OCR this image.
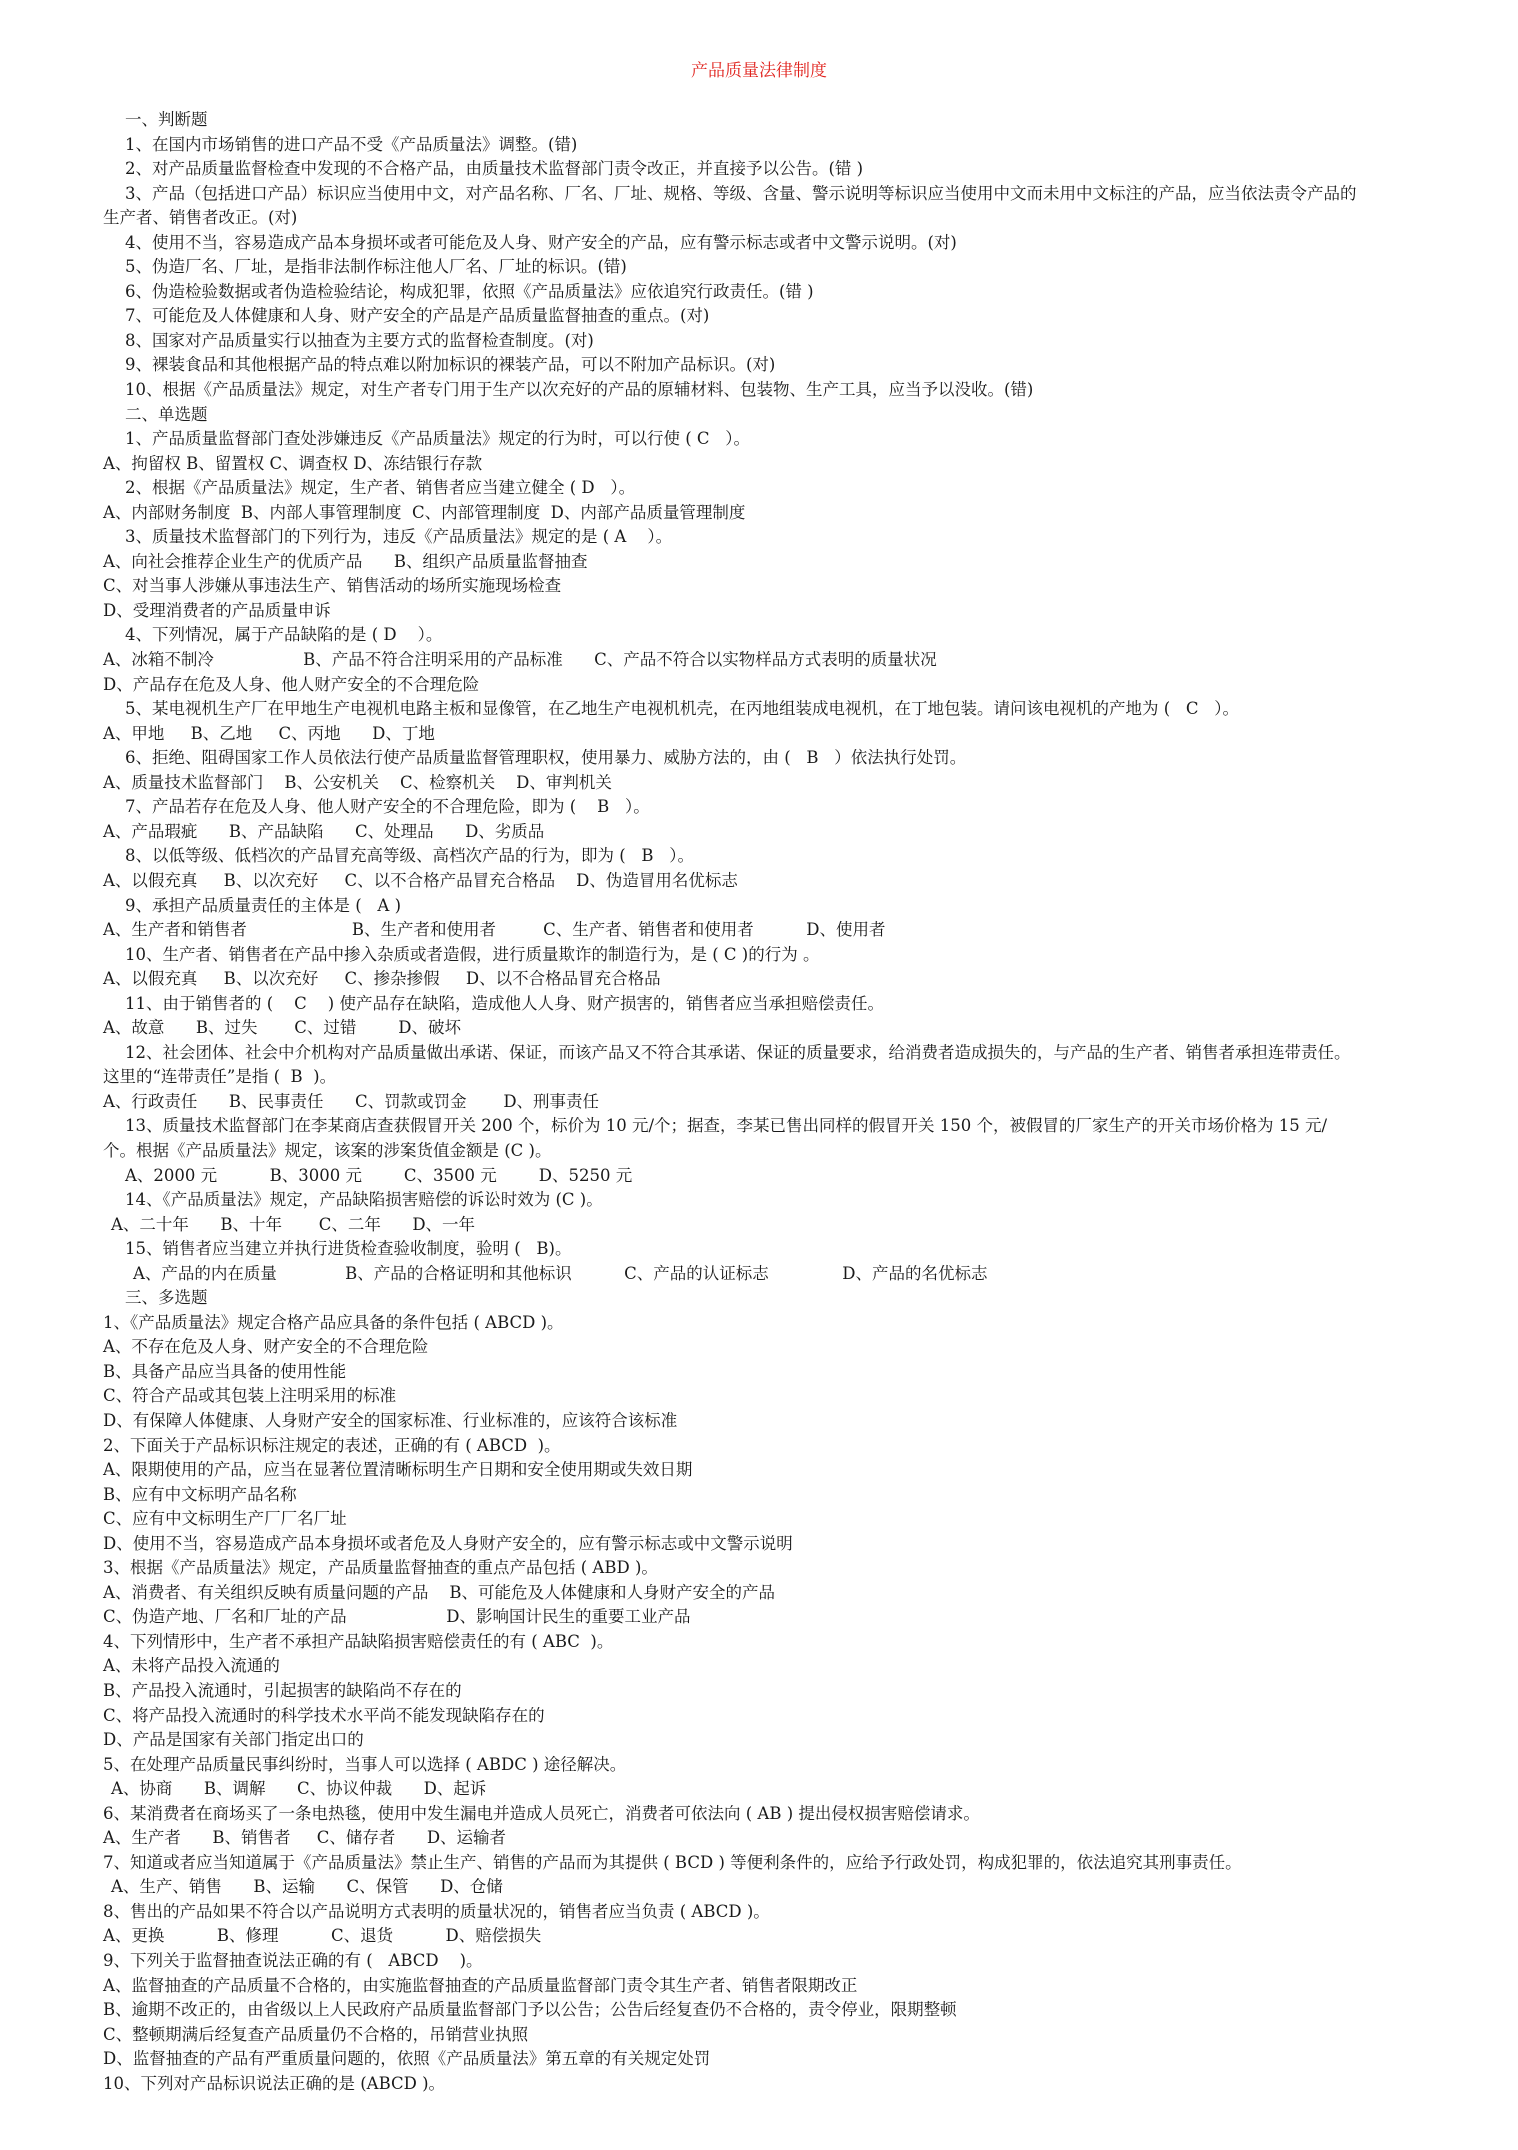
产品质量法律制度
一、判断题
1、在国内市场销售的进口产品不受《产品质量法》调整。(错)
2、对产品质量监督检查中发现的不合格产品，由质量技术监督部门责令改正，并直接予以公告。(错 )
3、产品（包括进口产品）标识应当使用中文，对产品名称、厂名、厂址、规格、等级、含量、警示说明等标识应当使用中文而未用中文标注的产品，应当依法责令产品的
生产者、销售者改正。(对)
4、使用不当，容易造成产品本身损坏或者可能危及人身、财产安全的产品，应有警示标志或者中文警示说明。(对)
5、伪造厂名、厂址，是指非法制作标注他人厂名、厂址的标识。(错)
6、伪造检验数据或者伪造检验结论，构成犯罪，依照《产品质量法》应依追究行政责任。(错 )
7、可能危及人体健康和人身、财产安全的产品是产品质量监督抽查的重点。(对)
8、国家对产品质量实行以抽查为主要方式的监督检查制度。(对)
9、裸装食品和其他根据产品的特点难以附加标识的裸装产品，可以不附加产品标识。(对)
10、根据《产品质量法》规定，对生产者专门用于生产以次充好的产品的原辅材料、包装物、生产工具，应当予以没收。(错)
二、单选题
1、产品质量监督部门查处涉嫌违反《产品质量法》规定的行为时，可以行使 ( C   ）。
A、拘留权 B、留置权 C、调查权 D、冻结银行存款
2、根据《产品质量法》规定，生产者、销售者应当建立健全 ( D   ）。
A、内部财务制度  B、内部人事管理制度  C、内部管理制度  D、内部产品质量管理制度
3、质量技术监督部门的下列行为，违反《产品质量法》规定的是 ( A    ）。
A、向社会推荐企业生产的优质产品      B、组织产品质量监督抽查
C、对当事人涉嫌从事违法生产、销售活动的场所实施现场检查
D、受理消费者的产品质量申诉
4、下列情况，属于产品缺陷的是 ( D    ）。
A、冰箱不制冷                 B、产品不符合注明采用的产品标准      C、产品不符合以实物样品方式表明的质量状况
D、产品存在危及人身、他人财产安全的不合理危险
5、某电视机生产厂在甲地生产电视机电路主板和显像管，在乙地生产电视机机壳，在丙地组装成电视机，在丁地包装。请问该电视机的产地为 (   C   ）。
A、甲地     B、乙地     C、丙地      D、丁地
6、拒绝、阻碍国家工作人员依法行使产品质量监督管理职权，使用暴力、威胁方法的，由 (   B   ）依法执行处罚。
A、质量技术监督部门    B、公安机关    C、检察机关    D、审判机关
7、产品若存在危及人身、他人财产安全的不合理危险，即为 (    B   ）。
A、产品瑕疵      B、产品缺陷      C、处理品      D、劣质品
8、以低等级、低档次的产品冒充高等级、高档次产品的行为，即为 (   B   ）。
A、以假充真     B、以次充好     C、以不合格产品冒充合格品    D、伪造冒用名优标志
9、承担产品质量责任的主体是 (   A )
A、生产者和销售者                    B、生产者和使用者         C、生产者、销售者和使用者          D、使用者
10、生产者、销售者在产品中掺入杂质或者造假，进行质量欺诈的制造行为，是 ( C )的行为 。
A、以假充真     B、以次充好     C、掺杂掺假     D、以不合格品冒充合格品
11、由于销售者的 (    C    ) 使产品存在缺陷，造成他人人身、财产损害的，销售者应当承担赔偿责任。
A、故意      B、过失       C、过错        D、破坏
12、社会团体、社会中介机构对产品质量做出承诺、保证，而该产品又不符合其承诺、保证的质量要求，给消费者造成损失的，与产品的生产者、销售者承担连带责任。
这里的“连带责任”是指 (  B  )。
A、行政责任      B、民事责任      C、罚款或罚金       D、刑事责任
13、质量技术监督部门在李某商店查获假冒开关 200 个，标价为 10 元/个；据查，李某已售出同样的假冒开关 150 个，被假冒的厂家生产的开关市场价格为 15 元/
个。根据《产品质量法》规定，该案的涉案货值金额是 (C )。
A、2000 元          B、3000 元        C、3500 元        D、5250 元
14、《产品质量法》规定，产品缺陷损害赔偿的诉讼时效为 (C )。
A、二十年      B、十年       C、二年      D、一年
15、销售者应当建立并执行进货检查验收制度，验明 (   B)。
A、产品的内在质量             B、产品的合格证明和其他标识          C、产品的认证标志              D、产品的名优标志
三、多选题
1、《产品质量法》规定合格产品应具备的条件包括 ( ABCD )。
A、不存在危及人身、财产安全的不合理危险
B、具备产品应当具备的使用性能
C、符合产品或其包装上注明采用的标准
D、有保障人体健康、人身财产安全的国家标准、行业标准的，应该符合该标准
2、下面关于产品标识标注规定的表述，正确的有 ( ABCD  )。
A、限期使用的产品，应当在显著位置清晰标明生产日期和安全使用期或失效日期
B、应有中文标明产品名称
C、应有中文标明生产厂厂名厂址
D、使用不当，容易造成产品本身损坏或者危及人身财产安全的，应有警示标志或中文警示说明
3、根据《产品质量法》规定，产品质量监督抽查的重点产品包括 ( ABD )。
A、消费者、有关组织反映有质量问题的产品    B、可能危及人体健康和人身财产安全的产品
C、伪造产地、厂名和厂址的产品                   D、影响国计民生的重要工业产品
4、下列情形中，生产者不承担产品缺陷损害赔偿责任的有 ( ABC  )。
A、未将产品投入流通的
B、产品投入流通时，引起损害的缺陷尚不存在的
C、将产品投入流通时的科学技术水平尚不能发现缺陷存在的
D、产品是国家有关部门指定出口的
5、在处理产品质量民事纠纷时，当事人可以选择 ( ABDC ) 途径解决。
A、协商      B、调解      C、协议仲裁      D、起诉
6、某消费者在商场买了一条电热毯，使用中发生漏电并造成人员死亡，消费者可依法向 ( AB ) 提出侵权损害赔偿请求。
A、生产者      B、销售者     C、储存者      D、运输者
7、知道或者应当知道属于《产品质量法》禁止生产、销售的产品而为其提供 ( BCD ) 等便利条件的，应给予行政处罚，构成犯罪的，依法追究其刑事责任。
A、生产、销售      B、运输      C、保管      D、仓储
8、售出的产品如果不符合以产品说明方式表明的质量状况的，销售者应当负责 ( ABCD )。
A、更换          B、修理          C、退货          D、赔偿损失
9、下列关于监督抽查说法正确的有 (   ABCD    )。
A、监督抽查的产品质量不合格的，由实施监督抽查的产品质量监督部门责令其生产者、销售者限期改正
B、逾期不改正的，由省级以上人民政府产品质量监督部门予以公告；公告后经复查仍不合格的，责令停业，限期整顿
C、整顿期满后经复查产品质量仍不合格的，吊销营业执照
D、监督抽查的产品有严重质量问题的，依照《产品质量法》第五章的有关规定处罚
10、下列对产品标识说法正确的是 (ABCD )。
